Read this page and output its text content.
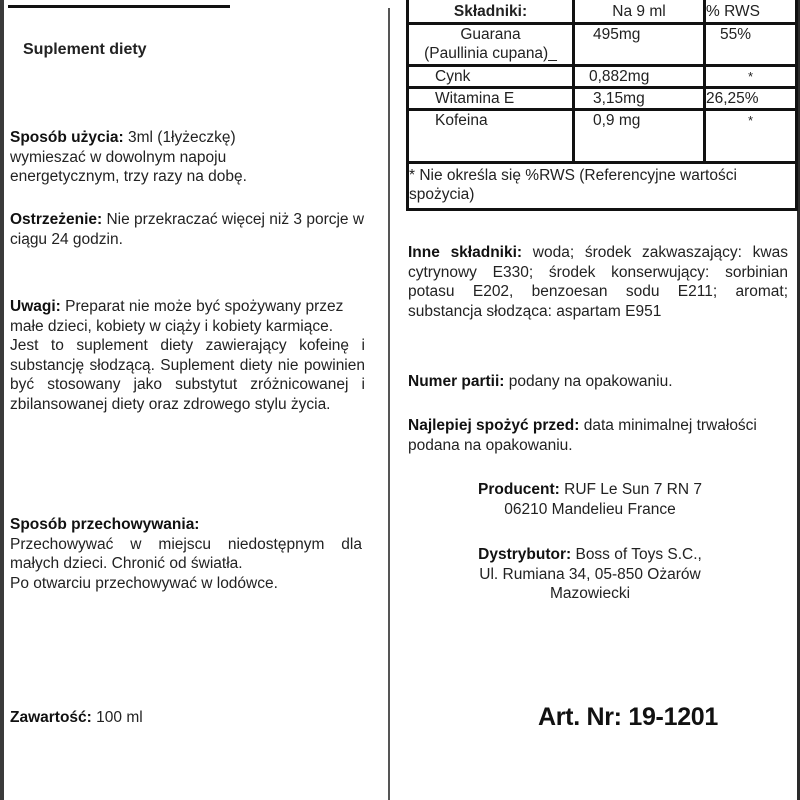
Suplement diety
Sposób użycia: 3ml (1łyżeczkę)
wymieszać w dowolnym napoju energetycznym, trzy razy na dobę.
Ostrzeżenie: Nie przekraczać więcej niż 3 porcje w ciągu 24 godzin.
Uwagi: Preparat nie może być spożywany przez małe dzieci, kobiety w ciąży i kobiety karmiące.
Jest to suplement diety zawierający kofeinę i substancję słodzącą. Suplement diety nie powinien być stosowany jako substytut zróżnicowanej i zbilansowanej diety oraz zdrowego stylu życia.
Sposób przechowywania:
Przechowywać w miejscu niedostępnym dla małych dzieci. Chronić od światła.
Po otwarciu przechowywać w lodówce.
Zawartość: 100 ml
Składniki:	Na 9 ml	% RWS

Guarana
(Paullinia cupana)_	495mg	55%
Cynk	0,882mg	*
Witamina E	3,15mg	26,25%
Kofeina	0,9 mg	*
* Nie określa się %RWS (Referencyjne wartości spożycia)		
Inne składniki: woda; środek zakwaszający: kwas cytrynowy E330; środek konserwujący: sorbinian potasu E202, benzoesan sodu E211; aromat; substancja słodząca: aspartam E951
Numer partii: podany na opakowaniu.
Najlepiej spożyć przed: data minimalnej trwałości podana na opakowaniu.
Producent: RUF Le Sun 7 RN 7
06210 Mandelieu France
Dystrybutor: Boss of Toys S.C.,
Ul. Rumiana 34, 05-850 Ożarów
Mazowiecki
Art. Nr: 19-1201
